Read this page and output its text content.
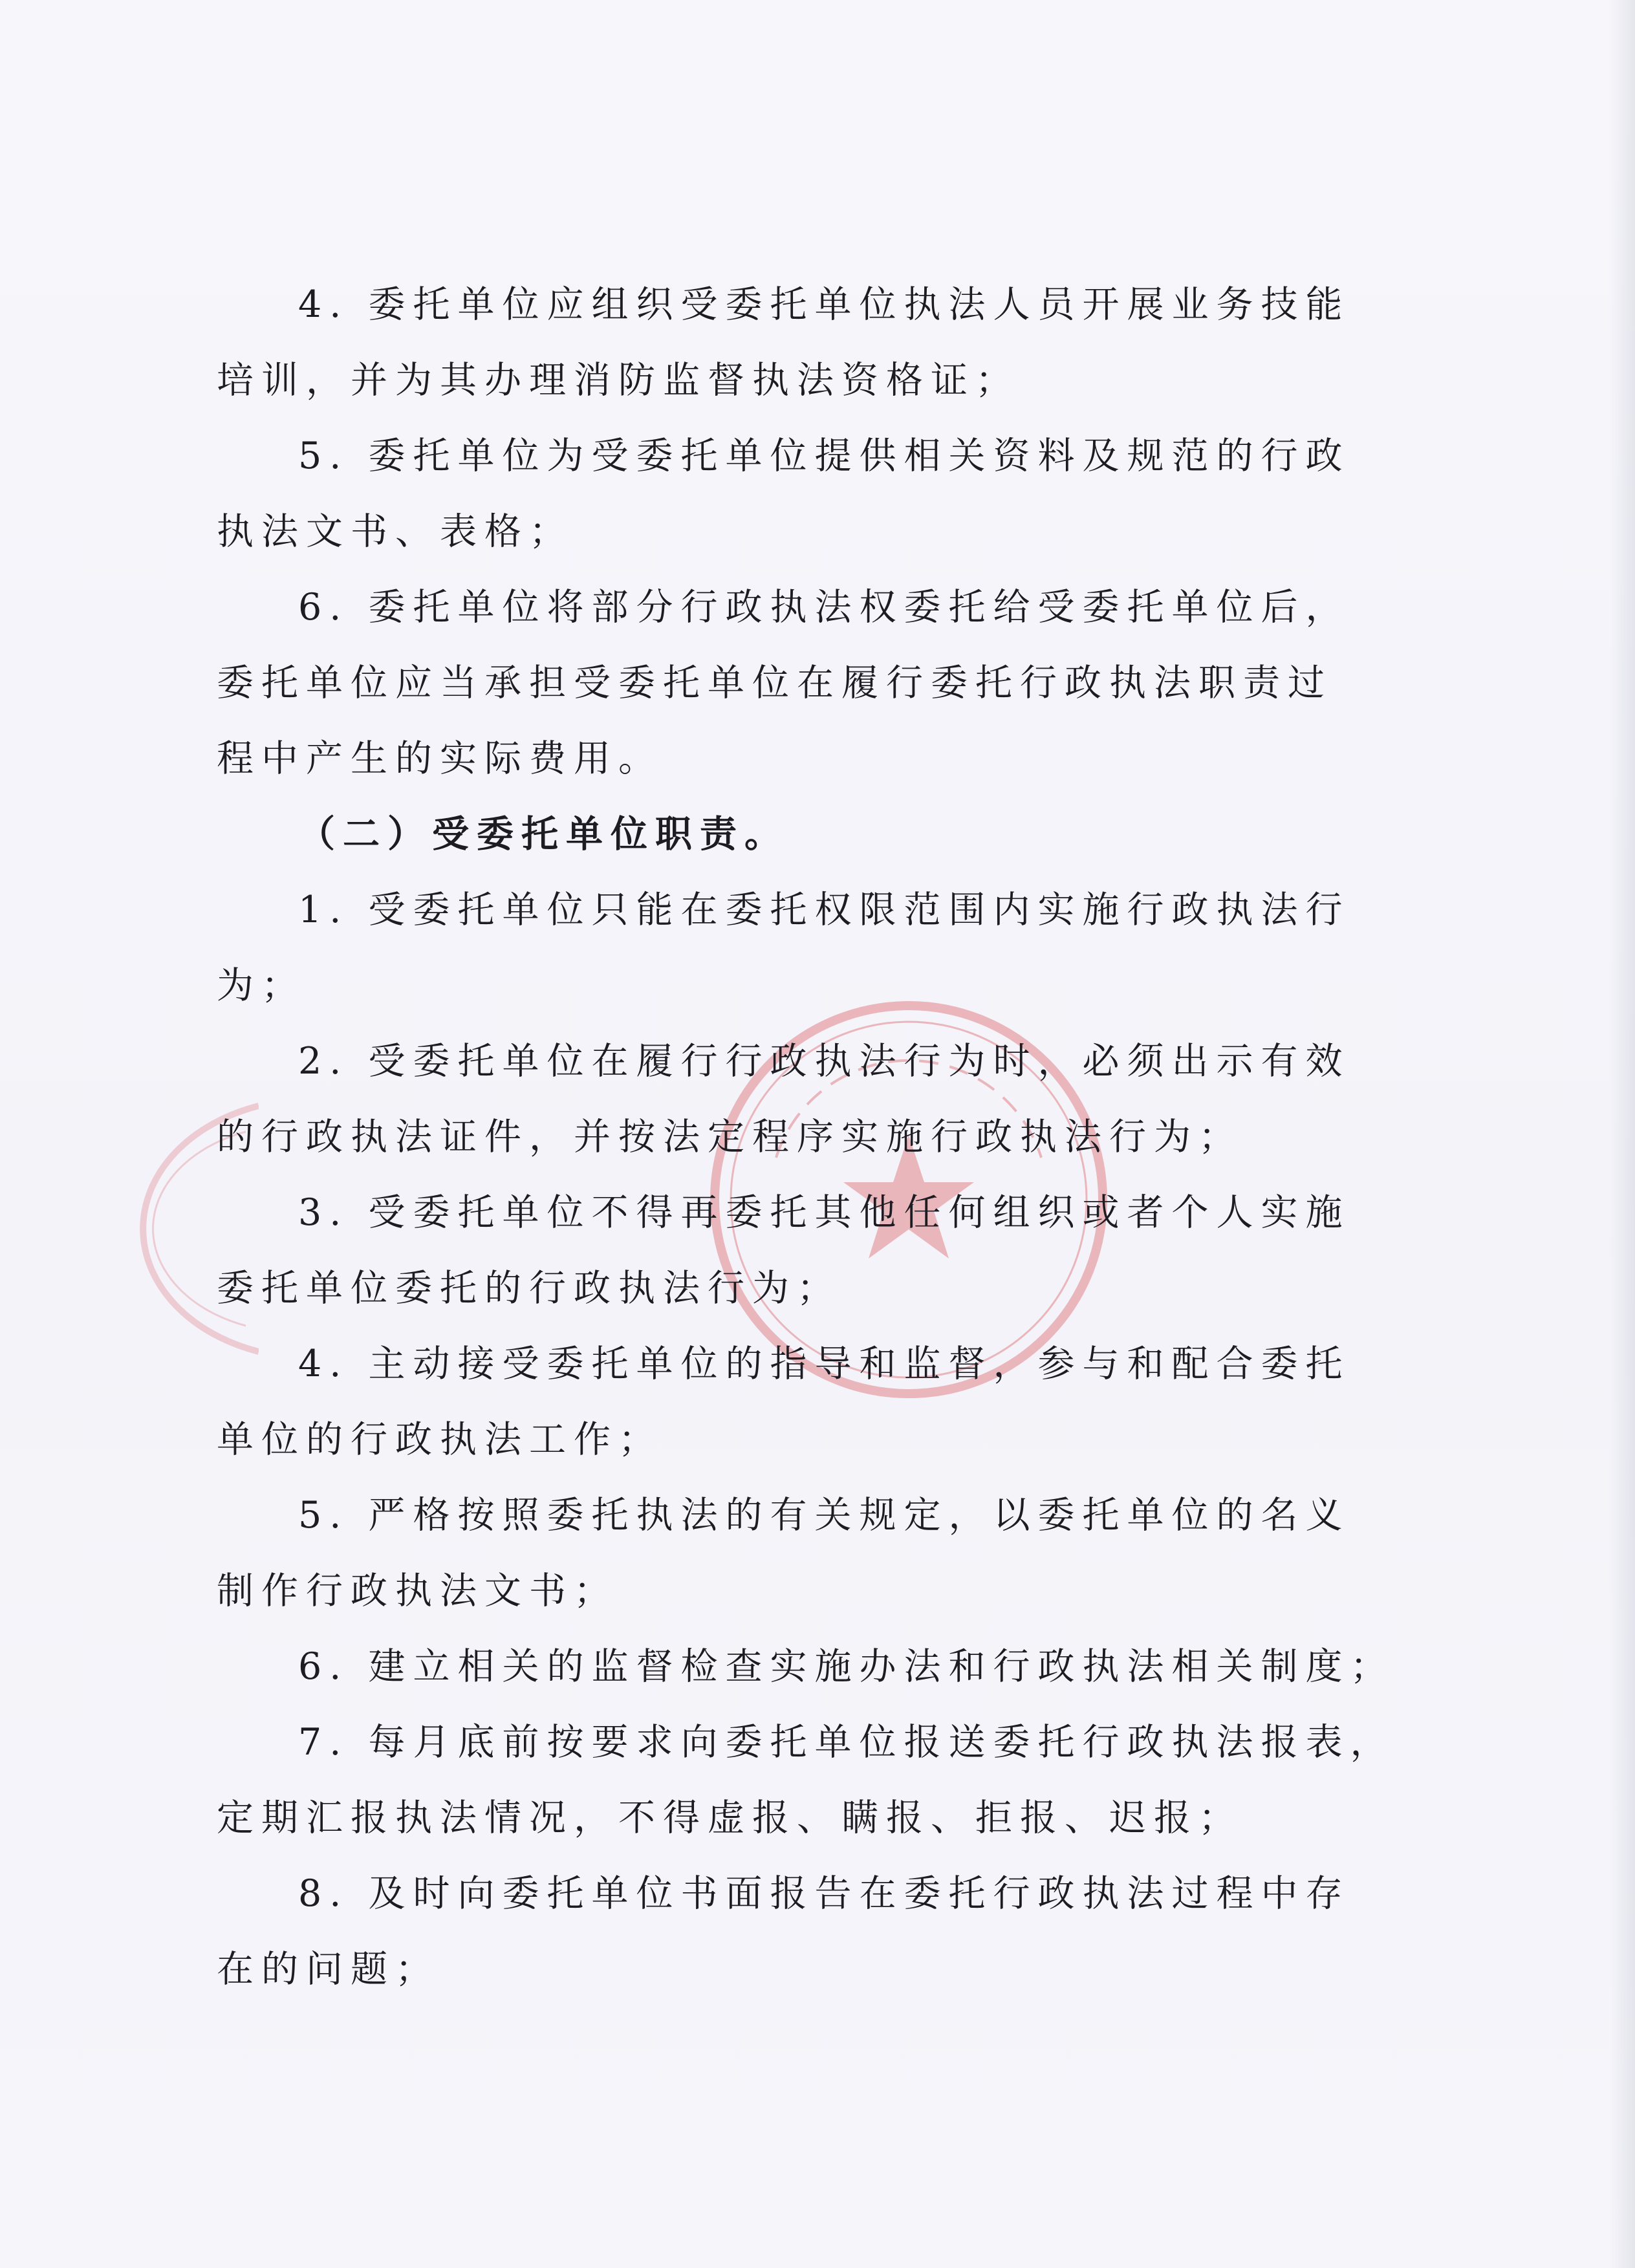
4. 委托单位应组织受委托单位执法人员开展业务技能
培训，并为其办理消防监督执法资格证；
5. 委托单位为受委托单位提供相关资料及规范的行政
执法文书、表格；
6. 委托单位将部分行政执法权委托给受委托单位后，
委托单位应当承担受委托单位在履行委托行政执法职责过
程中产生的实际费用。
（二）受委托单位职责。
1. 受委托单位只能在委托权限范围内实施行政执法行
为；
2. 受委托单位在履行行政执法行为时，必须出示有效
的行政执法证件，并按法定程序实施行政执法行为；
3. 受委托单位不得再委托其他任何组织或者个人实施
委托单位委托的行政执法行为；
4. 主动接受委托单位的指导和监督，参与和配合委托
单位的行政执法工作；
5. 严格按照委托执法的有关规定，以委托单位的名义
制作行政执法文书；
6. 建立相关的监督检查实施办法和行政执法相关制度；
7. 每月底前按要求向委托单位报送委托行政执法报表，
定期汇报执法情况，不得虚报、瞒报、拒报、迟报；
8. 及时向委托单位书面报告在委托行政执法过程中存
在的问题；
